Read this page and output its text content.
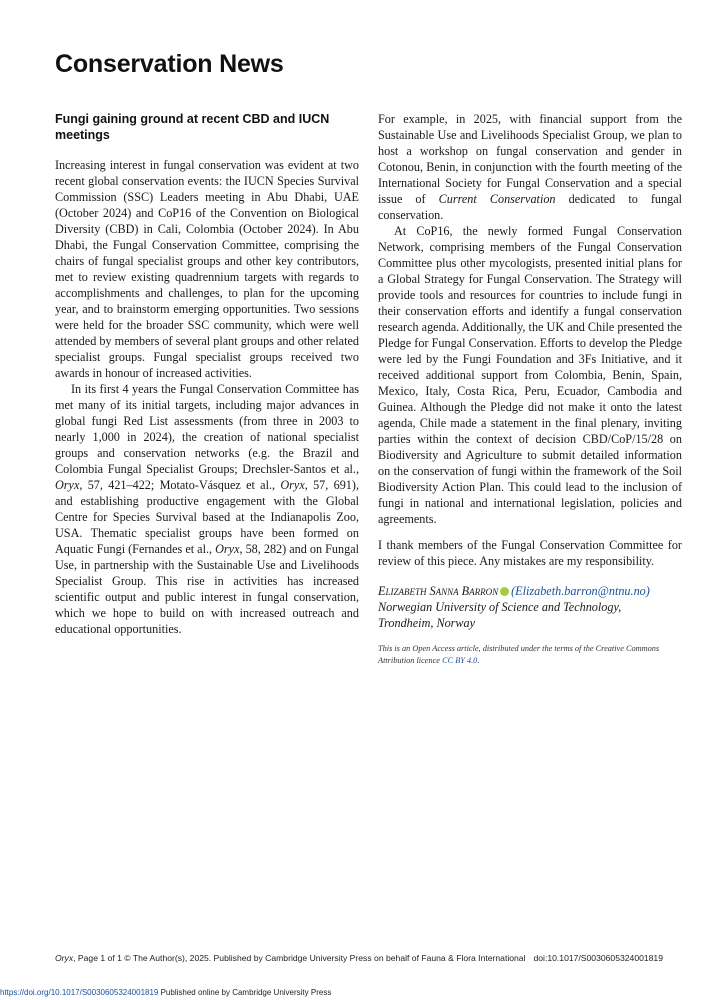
Conservation News
Fungi gaining ground at recent CBD and IUCN meetings

Increasing interest in fungal conservation was evident at two recent global conservation events: the IUCN Species Survival Commission (SSC) Leaders meeting in Abu Dhabi, UAE (October 2024) and CoP16 of the Convention on Biological Diversity (CBD) in Cali, Colombia (October 2024). In Abu Dhabi, the Fungal Conservation Committee, comprising the chairs of fungal specialist groups and other key contributors, met to review existing quadrennium targets with regards to accomplishments and challenges, to plan for the upcoming year, and to brainstorm emerging opportunities. Two sessions were held for the broader SSC community, which were well attended by members of several plant groups and other related specialist groups. Fungal specialist groups received two awards in honour of increased activities.

In its first 4 years the Fungal Conservation Committee has met many of its initial targets, including major advances in global fungi Red List assessments (from three in 2003 to nearly 1,000 in 2024), the creation of national specialist groups and conservation networks (e.g. the Brazil and Colombia Fungal Specialist Groups; Drechsler-Santos et al., Oryx, 57, 421–422; Motato-Vásquez et al., Oryx, 57, 691), and establishing productive engagement with the Global Centre for Species Survival based at the Indianapolis Zoo, USA. Thematic specialist groups have been formed on Aquatic Fungi (Fernandes et al., Oryx, 58, 282) and on Fungal Use, in partnership with the Sustainable Use and Livelihoods Specialist Group. This rise in activities has increased scientific output and public interest in fungal conservation, which we hope to build on with increased outreach and educational opportunities.

For example, in 2025, with financial support from the Sustainable Use and Livelihoods Specialist Group, we plan to host a workshop on fungal conservation and gender in Cotonou, Benin, in conjunction with the fourth meeting of the International Society for Fungal Conservation and a special issue of Current Conservation dedicated to fungal conservation.

At CoP16, the newly formed Fungal Conservation Network, comprising members of the Fungal Conservation Committee plus other mycologists, presented initial plans for a Global Strategy for Fungal Conservation. The Strategy will provide tools and resources for countries to include fungi in their conservation efforts and identify a fungal conservation research agenda. Additionally, the UK and Chile presented the Pledge for Fungal Conservation. Efforts to develop the Pledge were led by the Fungi Foundation and 3Fs Initiative, and it received additional support from Colombia, Benin, Spain, Mexico, Italy, Costa Rica, Peru, Ecuador, Cambodia and Guinea. Although the Pledge did not make it onto the latest agenda, Chile made a statement in the final plenary, inviting parties within the context of decision CBD/CoP/15/28 on Biodiversity and Agriculture to submit detailed information on the conservation of fungi within the framework of the Soil Biodiversity Action Plan. This could lead to the inclusion of fungi in national and international legislation, policies and agreements.

I thank members of the Fungal Conservation Committee for review of this piece. Any mistakes are my responsibility.

Elizabeth Sanna Barron (Elizabeth.barron@ntnu.no)
Norwegian University of Science and Technology,
Trondheim, Norway
This is an Open Access article, distributed under the terms of the Creative Commons Attribution licence CC BY 4.0.
Oryx, Page 1 of 1 © The Author(s), 2025. Published by Cambridge University Press on behalf of Fauna & Flora International doi:10.1017/S0030605324001819
https://doi.org/10.1017/S0030605324001819 Published online by Cambridge University Press
